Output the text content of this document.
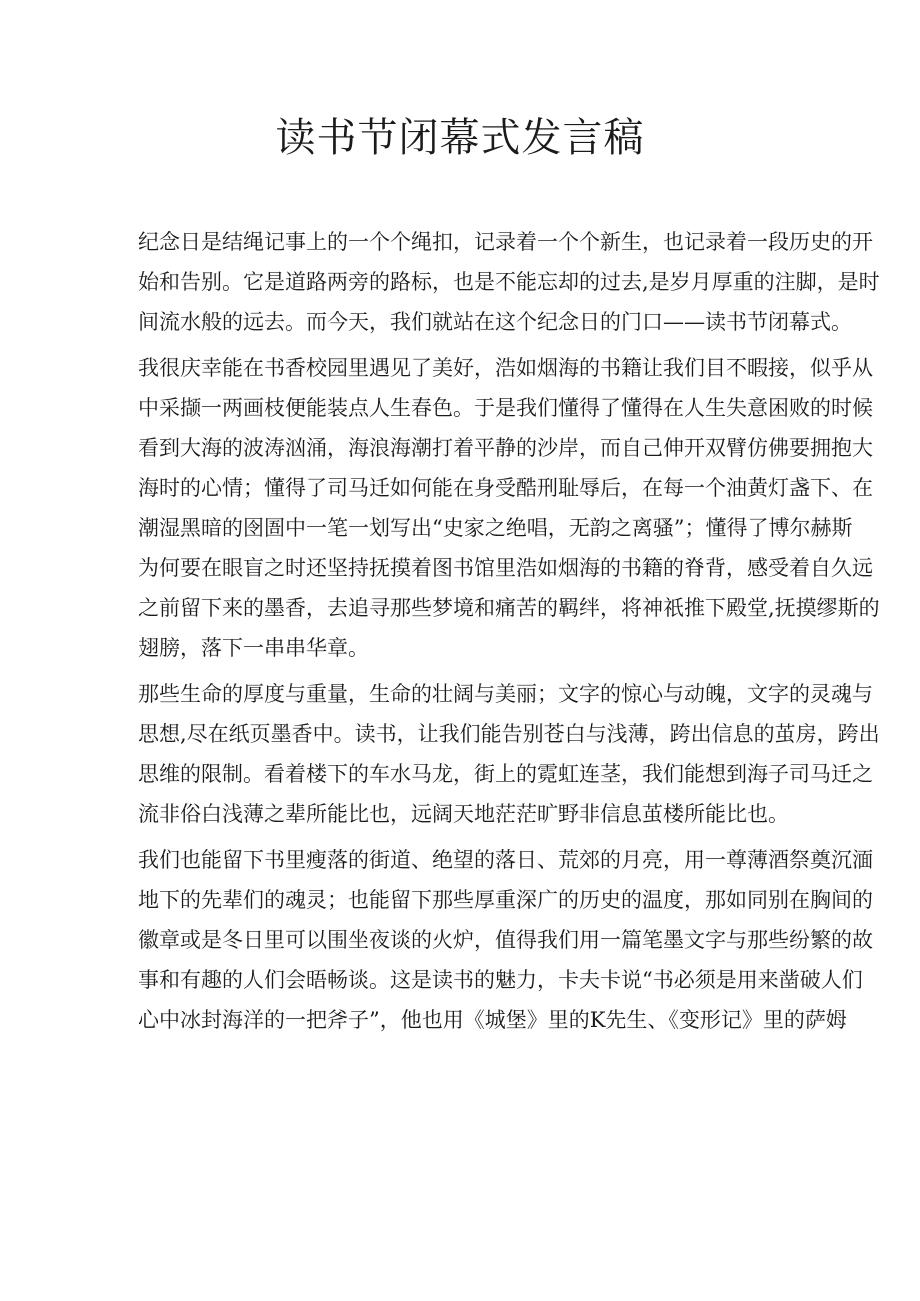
读书节闭幕式发言稿

纪念日是结绳记事上的一个个绳扣，记录着一个个新生，也记录着一段历史的开
始和告别。它是道路两旁的路标，也是不能忘却的过去,是岁月厚重的注脚，是时
间流水般的远去。而今天，我们就站在这个纪念日的门口——读书节闭幕式。

我很庆幸能在书香校园里遇见了美好，浩如烟海的书籍让我们目不暇接，似乎从
中采撷一两画枝便能装点人生春色。于是我们懂得了懂得在人生失意困败的时候
看到大海的波涛汹涌，海浪海潮打着平静的沙岸，而自己伸开双臂仿佛要拥抱大
海时的心情；懂得了司马迁如何能在身受酷刑耻辱后，在每一个油黄灯盏下、在
潮湿黑暗的囹圄中一笔一划写出“史家之绝唱，无韵之离骚”；懂得了博尔赫斯
为何要在眼盲之时还坚持抚摸着图书馆里浩如烟海的书籍的脊背，感受着自久远
之前留下来的墨香，去追寻那些梦境和痛苦的羁绊，将神祇推下殿堂,抚摸缪斯的
翅膀，落下一串串华章。

那些生命的厚度与重量，生命的壮阔与美丽；文字的惊心与动魄，文字的灵魂与
思想,尽在纸页墨香中。读书，让我们能告别苍白与浅薄，跨出信息的茧房，跨出
思维的限制。看着楼下的车水马龙，街上的霓虹连茎，我们能想到海子司马迁之
流非俗白浅薄之辈所能比也，远阔天地茫茫旷野非信息茧楼所能比也。

我们也能留下书里瘦落的街道、绝望的落日、荒郊的月亮，用一尊薄酒祭奠沉湎
地下的先辈们的魂灵；也能留下那些厚重深广的历史的温度，那如同别在胸间的
徽章或是冬日里可以围坐夜谈的火炉，值得我们用一篇笔墨文字与那些纷繁的故
事和有趣的人们会晤畅谈。这是读书的魅力，卡夫卡说“书必须是用来凿破人们
心中冰封海洋的一把斧子”，他也用《城堡》里的K先生、《变形记》里的萨姆
